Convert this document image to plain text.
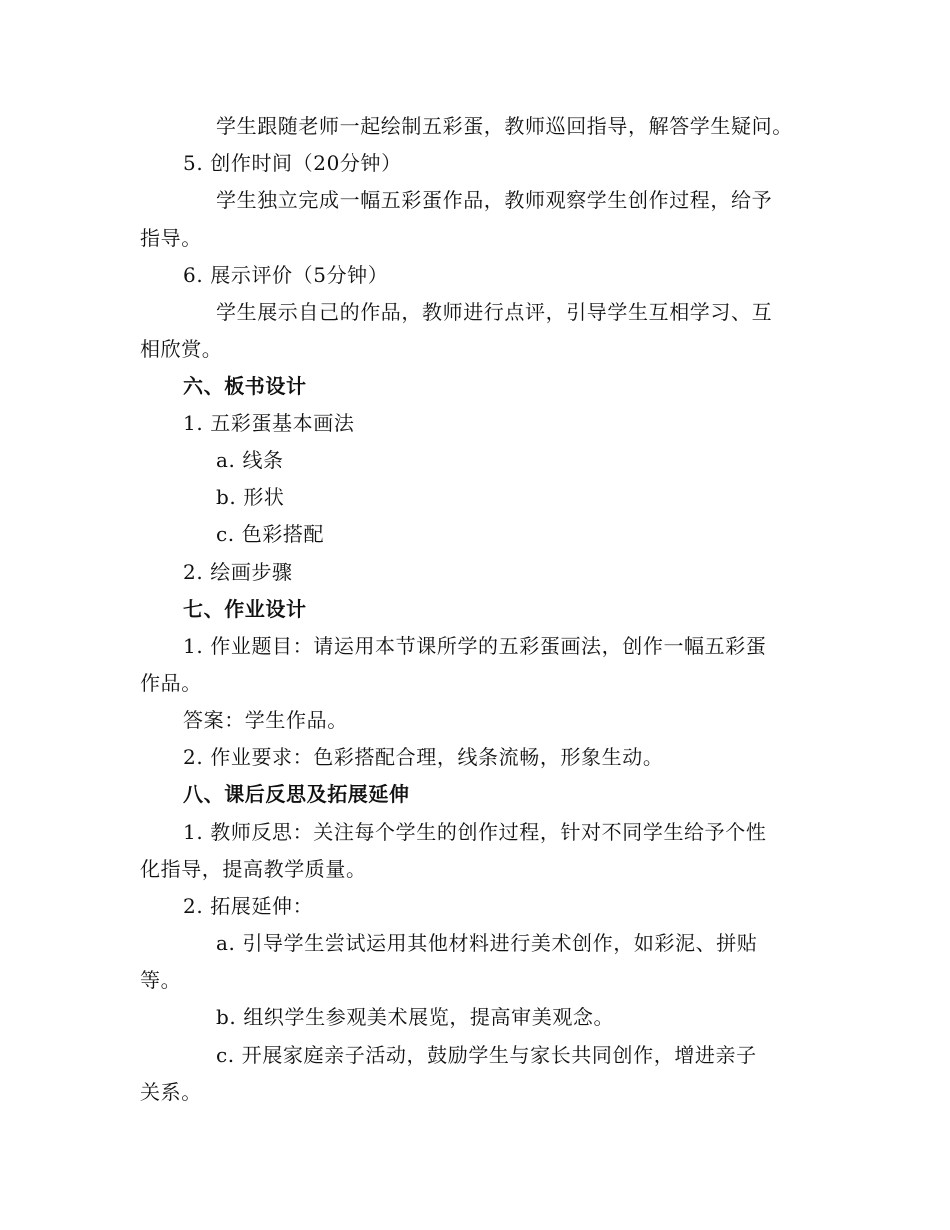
学生跟随老师一起绘制五彩蛋，教师巡回指导，解答学生疑问。
5. 创作时间（20分钟）
学生独立完成一幅五彩蛋作品，教师观察学生创作过程，给予
指导。
6. 展示评价（5分钟）
学生展示自己的作品，教师进行点评，引导学生互相学习、互
相欣赏。
六、板书设计
1. 五彩蛋基本画法
a. 线条
b. 形状
c. 色彩搭配
2. 绘画步骤
七、作业设计
1. 作业题目：请运用本节课所学的五彩蛋画法，创作一幅五彩蛋
作品。
答案：学生作品。
2. 作业要求：色彩搭配合理，线条流畅，形象生动。
八、课后反思及拓展延伸
1. 教师反思：关注每个学生的创作过程，针对不同学生给予个性
化指导，提高教学质量。
2. 拓展延伸：
a. 引导学生尝试运用其他材料进行美术创作，如彩泥、拼贴
等。
b. 组织学生参观美术展览，提高审美观念。
c. 开展家庭亲子活动，鼓励学生与家长共同创作，增进亲子
关系。
